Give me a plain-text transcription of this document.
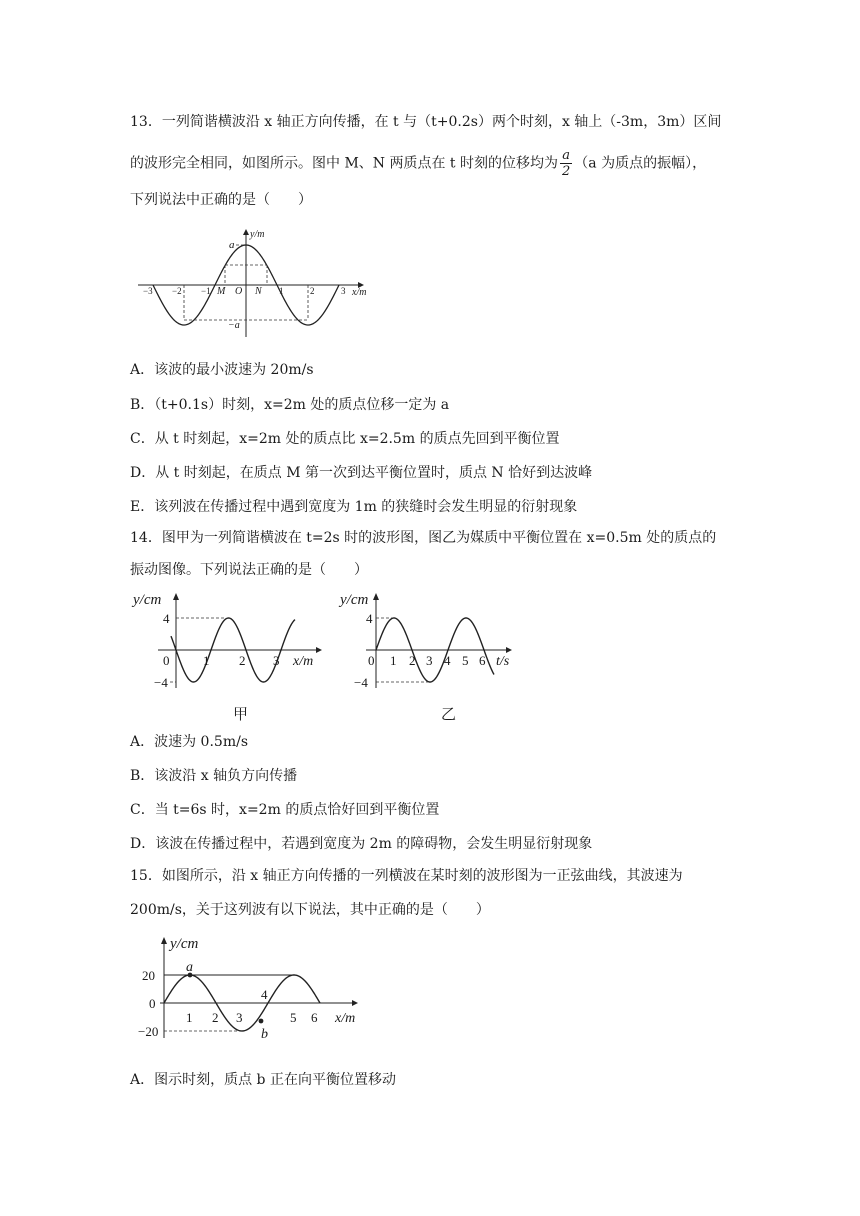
13．一列简谐横波沿 x 轴正方向传播，在 t 与（t+0.2s）两个时刻，x 轴上（-3m，3m）区间
的波形完全相同，如图所示。图中 M、N 两质点在 t 时刻的位移均为 $\frac{a}{2} (a$ 为质点的振幅），
下列说法中正确的是（　　）
y/m
x/m
a
−a
M O N
−3 −2 −1	1	2	3
A．该波的最小波速为 20m/s
B．（t+0.1s）时刻，x=2m 处的质点位移一定为 a
C．从 t 时刻起，x=2m 处的质点比 x=2.5m 的质点先回到平衡位置
D．从 t 时刻起，在质点 M 第一次到达平衡位置时，质点 N 恰好到达波峰
E．该列波在传播过程中遇到宽度为 1m 的狭缝时会发生明显的衍射现象
14．图甲为一列简谐横波在 t=2s 时的波形图，图乙为媒质中平衡位置在 x=0.5m 处的质点的
振动图像。下列说法正确的是（　　）
y/cm
x/m
4
−4
0	1 2 3
甲
y/cm
t/s
4
−4
0 1 2 3 4 5 6
乙
A．波速为 0.5m/s
B．该波沿 x 轴负方向传播
C．当 t=6s 时，x=2m 的质点恰好回到平衡位置
D．该波在传播过程中，若遇到宽度为 2m 的障碍物，会发生明显衍射现象
15．如图所示，沿 x 轴正方向传播的一列横波在某时刻的波形图为一正弦曲线，其波速为
200m/s，关于这列波有以下说法，其中正确的是（　　）
y/cm
x/m
a
b
20
0
−20
1 2 3
4
5 6
A．图示时刻，质点 b 正在向平衡位置移动
